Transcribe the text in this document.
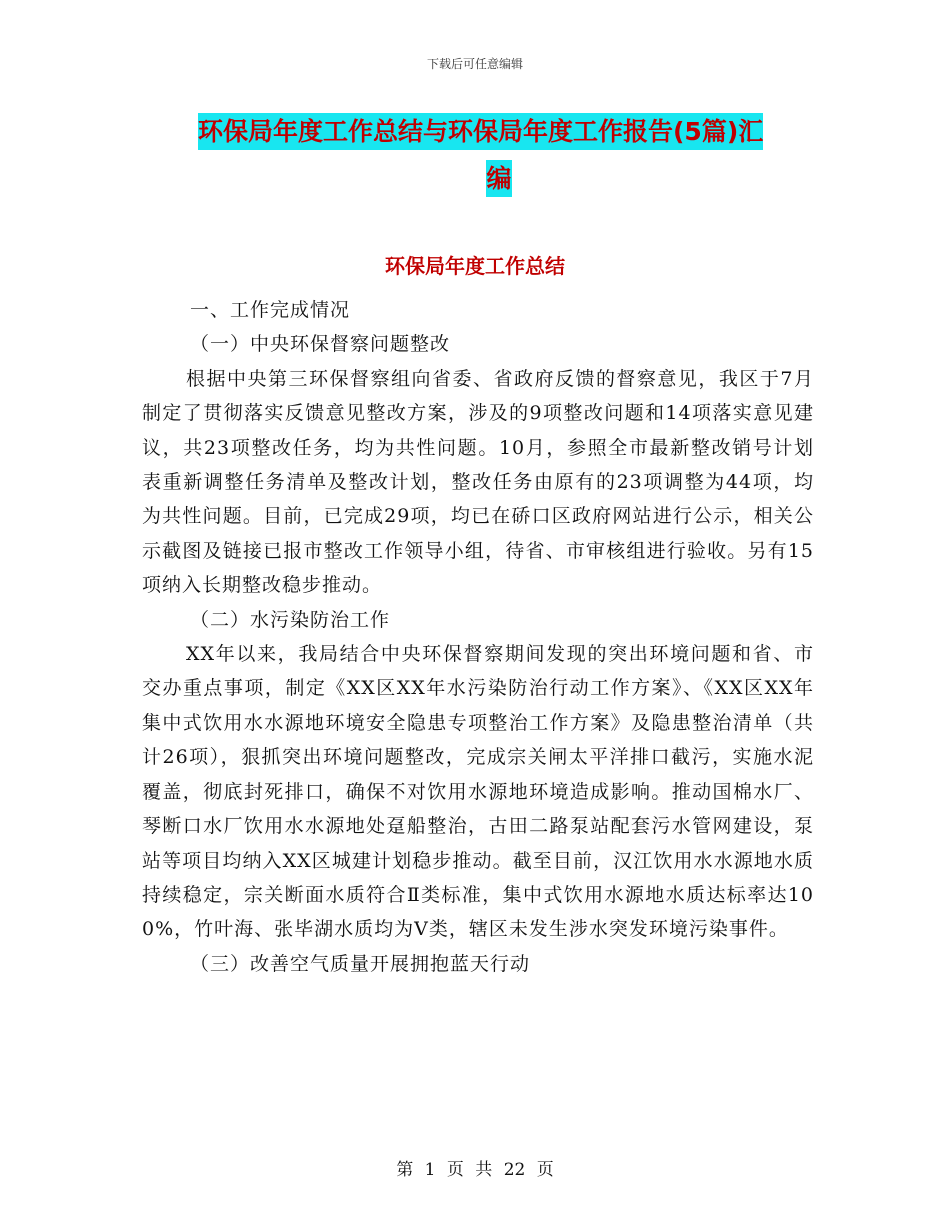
下载后可任意编辑
环保局年度工作总结与环保局年度工作报告(5篇)汇
编
环保局年度工作总结

一、工作完成情况

（一）中央环保督察问题整改

根据中央第三环保督察组向省委、省政府反馈的督察意见，我区于7月制定了贯彻落实反馈意见整改方案，涉及的9项整改问题和14项落实意见建议，共23项整改任务，均为共性问题。10月，参照全市最新整改销号计划表重新调整任务清单及整改计划，整改任务由原有的23项调整为44项，均为共性问题。目前，已完成29项，均已在硚口区政府网站进行公示，相关公示截图及链接已报市整改工作领导小组，待省、市审核组进行验收。另有15项纳入长期整改稳步推动。

（二）水污染防治工作

XX年以来，我局结合中央环保督察期间发现的突出环境问题和省、市交办重点事项，制定《XX区XX年水污染防治行动工作方案》、《XX区XX年集中式饮用水水源地环境安全隐患专项整治工作方案》及隐患整治清单（共计26项），狠抓突出环境问题整改，完成宗关闸太平洋排口截污，实施水泥覆盖，彻底封死排口，确保不对饮用水源地环境造成影响。推动国棉水厂、琴断口水厂饮用水水源地处趸船整治，古田二路泵站配套污水管网建设，泵站等项目均纳入XX区城建计划稳步推动。截至目前，汉江饮用水水源地水质持续稳定，宗关断面水质符合Ⅱ类标准，集中式饮用水源地水质达标率达100%，竹叶海、张毕湖水质均为Ⅴ类，辖区未发生涉水突发环境污染事件。

（三）改善空气质量开展拥抱蓝天行动

第 1 页 共 22 页
